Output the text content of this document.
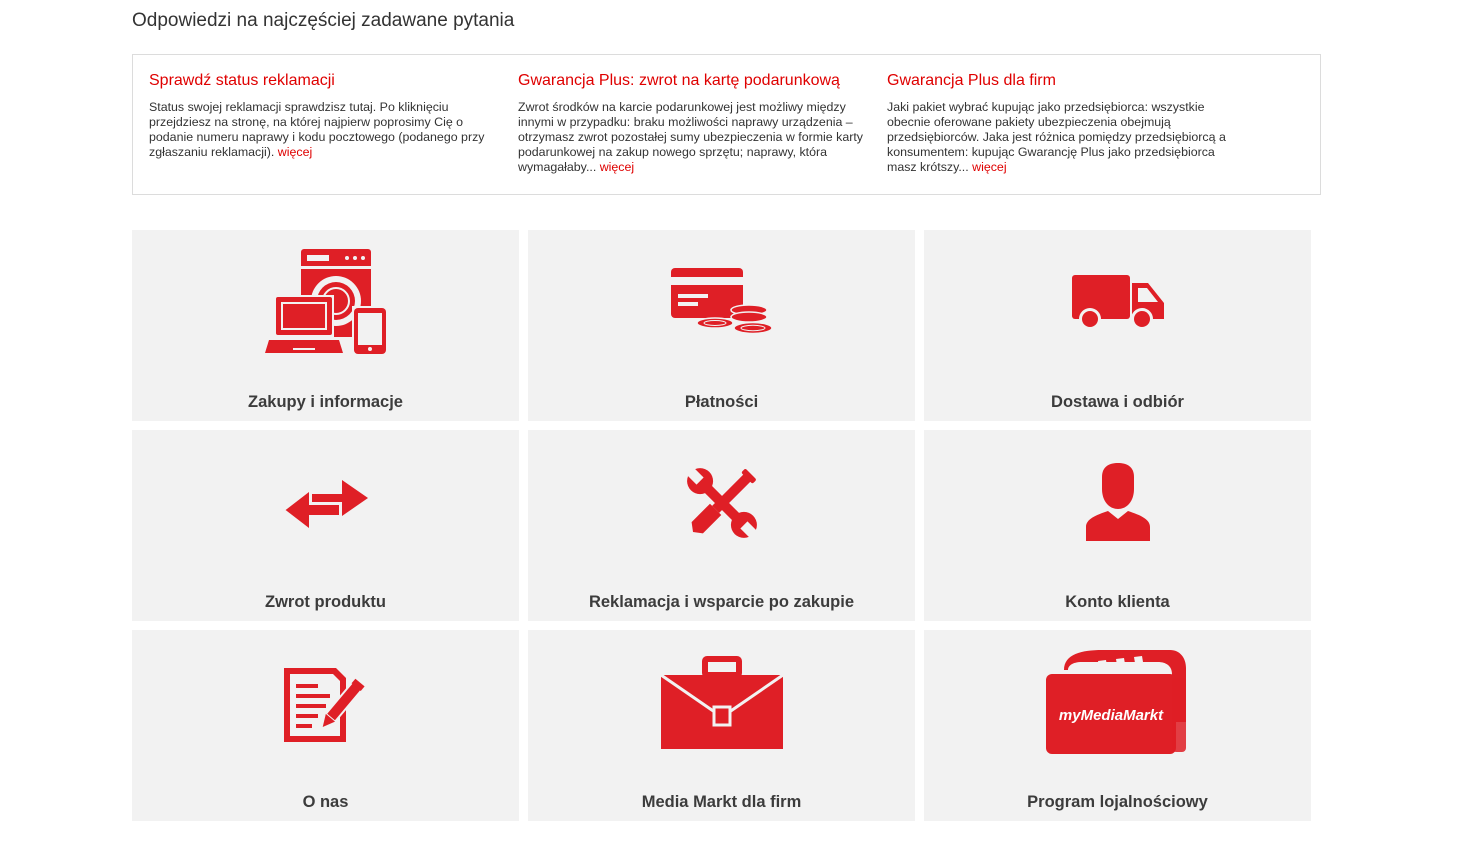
Odpowiedzi na najczęściej zadawane pytania
Sprawdź status reklamacji

Status swojej reklamacji sprawdzisz tutaj. Po kliknięciu przejdziesz na stronę, na której najpierw poprosimy Cię o podanie numeru naprawy i kodu pocztowego (podanego przy zgłaszaniu reklamacji). więcej

Gwarancja Plus: zwrot na kartę podarunkową

Zwrot środków na karcie podarunkowej jest możliwy między innymi w przypadku: braku możliwości naprawy urządzenia – otrzymasz zwrot pozostałej sumy ubezpieczenia w formie karty podarunkowej na zakup nowego sprzętu; naprawy, która wymagałaby... więcej

Gwarancja Plus dla firm

Jaki pakiet wybrać kupując jako przedsiębiorca: wszystkie obecnie oferowane pakiety ubezpieczenia obejmują przedsiębiorców. Jaka jest różnica pomiędzy przedsiębiorcą a konsumentem: kupując Gwarancję Plus jako przedsiębiorca masz krótszy... więcej

Zakupy i informacje	Płatności	Dostawa i odbiór
Zwrot produktu	Reklamacja i wsparcie po zakupie	Konto klienta
O nas	Media Markt dla firm
myMediaMarkt
Program lojalnościowy
